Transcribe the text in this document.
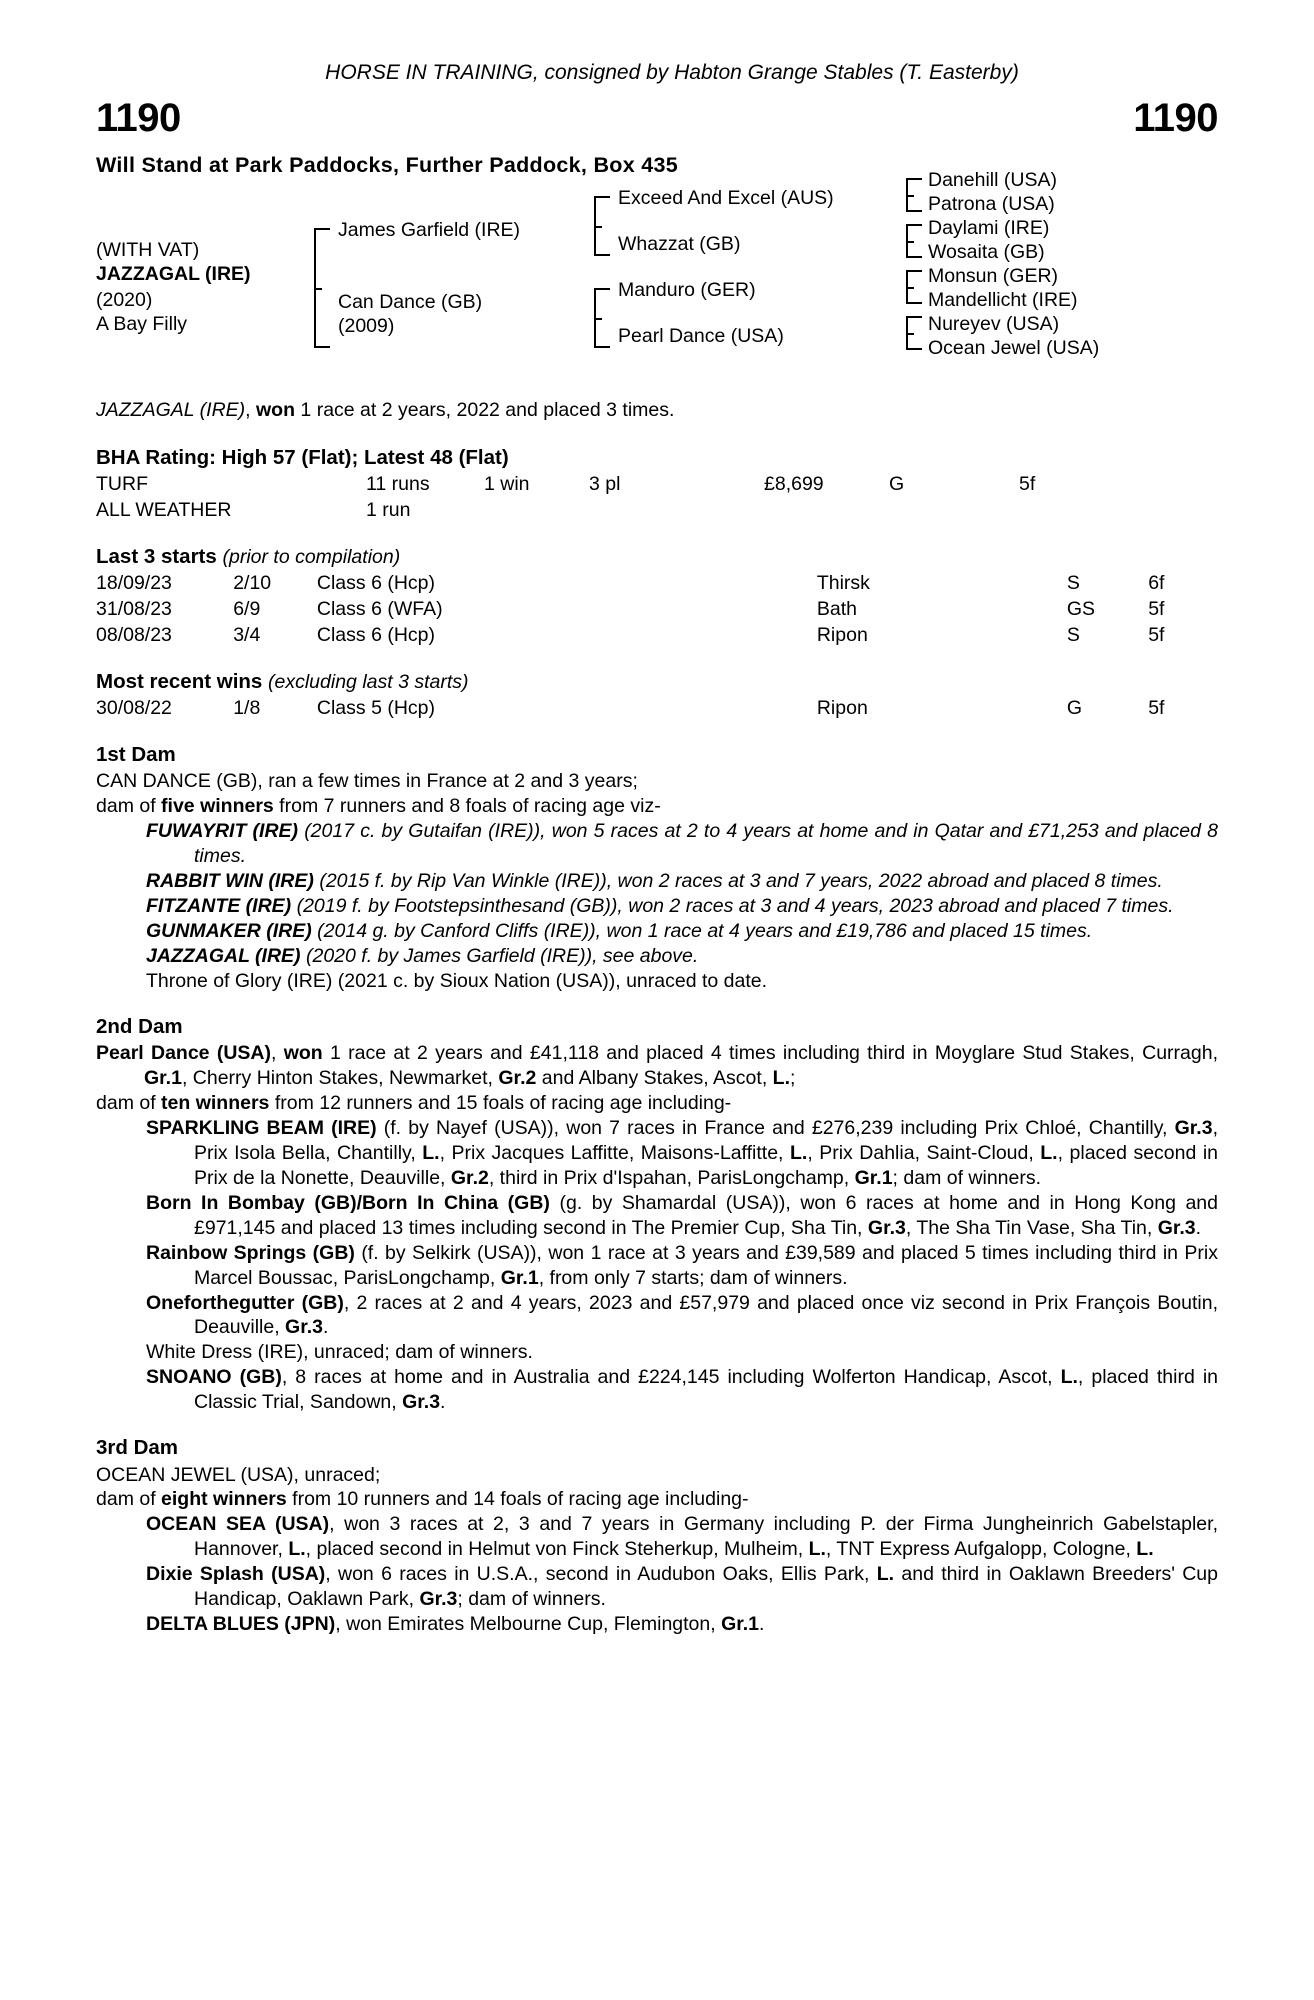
HORSE IN TRAINING, consigned by Habton Grange Stables (T. Easterby)
1190	1190
Will Stand at Park Paddocks, Further Paddock, Box 435
(WITH VAT)
JAZZAGAL (IRE)
(2020)
A Bay Filly
James Garfield (IRE)
Can Dance (GB)
(2009)
Exceed And Excel (AUS)
Whazzat (GB)
Manduro (GER)
Pearl Dance (USA)
Danehill (USA)
Patrona (USA)
Daylami (IRE)
Wosaita (GB)
Monsun (GER)
Mandellicht (IRE)
Nureyev (USA)
Ocean Jewel (USA)
JAZZAGAL (IRE), won 1 race at 2 years, 2022 and placed 3 times.
BHA Rating: High 57 (Flat); Latest 48 (Flat)
TURF	11 runs	1 win	3 pl	£8,699	G	5f
ALL WEATHER	1 run					
Last 3 starts (prior to compilation)
18/09/23	2/10	Class 6 (Hcp)	Thirsk	S	6f
31/08/23	6/9	Class 6 (WFA)	Bath	GS	5f
08/08/23	3/4	Class 6 (Hcp)	Ripon	S	5f
Most recent wins (excluding last 3 starts)
30/08/22	1/8	Class 5 (Hcp)	Ripon	G	5f
1st Dam
CAN DANCE (GB), ran a few times in France at 2 and 3 years;
dam of five winners from 7 runners and 8 foals of racing age viz-
FUWAYRIT (IRE) (2017 c. by Gutaifan (IRE)), won 5 races at 2 to 4 years at home and in Qatar and £71,253 and placed 8 times.
RABBIT WIN (IRE) (2015 f. by Rip Van Winkle (IRE)), won 2 races at 3 and 7 years, 2022 abroad and placed 8 times.
FITZANTE (IRE) (2019 f. by Footstepsinthesand (GB)), won 2 races at 3 and 4 years, 2023 abroad and placed 7 times.
GUNMAKER (IRE) (2014 g. by Canford Cliffs (IRE)), won 1 race at 4 years and £19,786 and placed 15 times.
JAZZAGAL (IRE) (2020 f. by James Garfield (IRE)), see above.
Throne of Glory (IRE) (2021 c. by Sioux Nation (USA)), unraced to date.
2nd Dam
Pearl Dance (USA), won 1 race at 2 years and £41,118 and placed 4 times including third in Moyglare Stud Stakes, Curragh, Gr.1, Cherry Hinton Stakes, Newmarket, Gr.2 and Albany Stakes, Ascot, L.;
dam of ten winners from 12 runners and 15 foals of racing age including-
SPARKLING BEAM (IRE) (f. by Nayef (USA)), won 7 races in France and £276,239 including Prix Chloé, Chantilly, Gr.3, Prix Isola Bella, Chantilly, L., Prix Jacques Laffitte, Maisons-Laffitte, L., Prix Dahlia, Saint-Cloud, L., placed second in Prix de la Nonette, Deauville, Gr.2, third in Prix d'Ispahan, ParisLongchamp, Gr.1; dam of winners.
Born In Bombay (GB)/Born In China (GB) (g. by Shamardal (USA)), won 6 races at home and in Hong Kong and £971,145 and placed 13 times including second in The Premier Cup, Sha Tin, Gr.3, The Sha Tin Vase, Sha Tin, Gr.3.
Rainbow Springs (GB) (f. by Selkirk (USA)), won 1 race at 3 years and £39,589 and placed 5 times including third in Prix Marcel Boussac, ParisLongchamp, Gr.1, from only 7 starts; dam of winners.
Oneforthegutter (GB), 2 races at 2 and 4 years, 2023 and £57,979 and placed once viz second in Prix François Boutin, Deauville, Gr.3.
White Dress (IRE), unraced; dam of winners.
SNOANO (GB), 8 races at home and in Australia and £224,145 including Wolferton Handicap, Ascot, L., placed third in Classic Trial, Sandown, Gr.3.
3rd Dam
OCEAN JEWEL (USA), unraced;
dam of eight winners from 10 runners and 14 foals of racing age including-
OCEAN SEA (USA), won 3 races at 2, 3 and 7 years in Germany including P. der Firma Jungheinrich Gabelstapler, Hannover, L., placed second in Helmut von Finck Steherkup, Mulheim, L., TNT Express Aufgalopp, Cologne, L.
Dixie Splash (USA), won 6 races in U.S.A., second in Audubon Oaks, Ellis Park, L. and third in Oaklawn Breeders' Cup Handicap, Oaklawn Park, Gr.3; dam of winners.
DELTA BLUES (JPN), won Emirates Melbourne Cup, Flemington, Gr.1.
